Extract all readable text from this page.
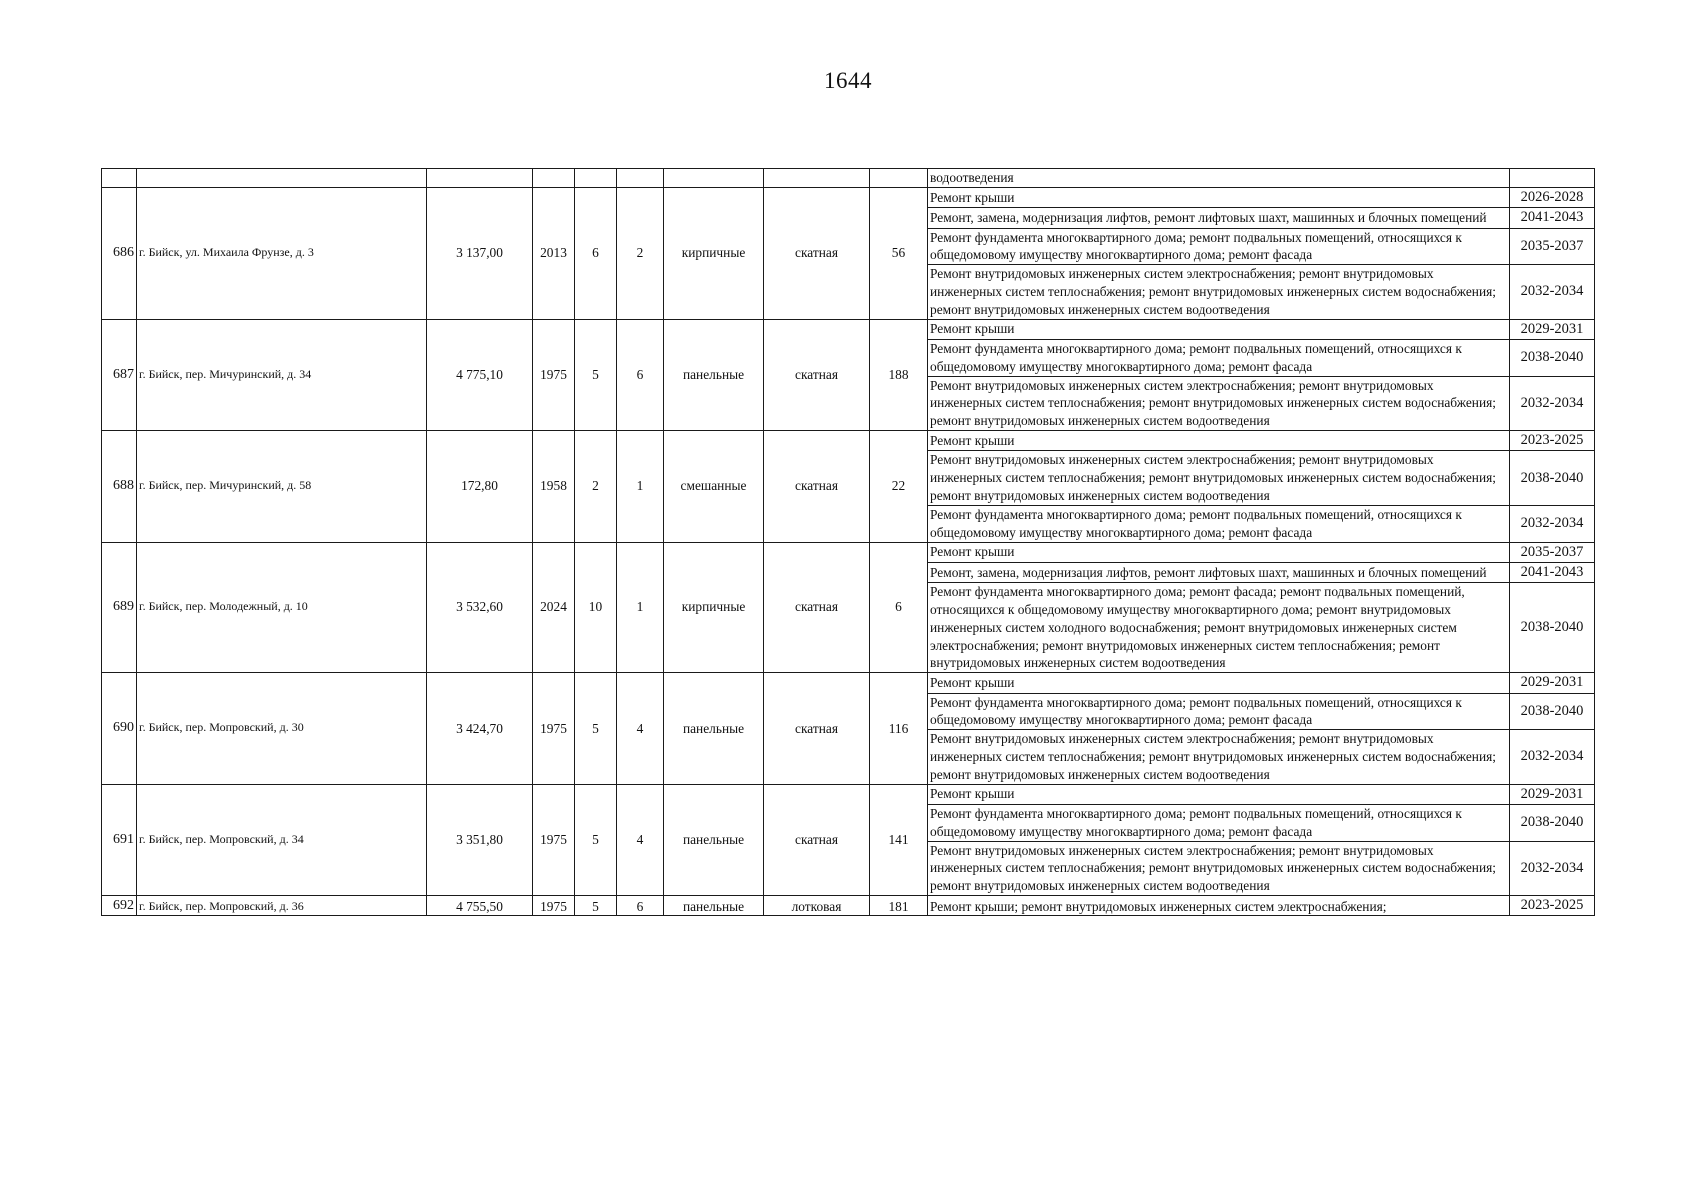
1644
									водоотведения	
686	г. Бийск, ул. Михаила Фрунзе, д. 3	3 137,00	2013	6	2	кирпичные	скатная	56	Ремонт крыши	2026-2028
									Ремонт, замена, модернизация лифтов, ремонт лифтовых шахт, машинных и блочных помещений	2041-2043
									Ремонт фундамента многоквартирного дома; ремонт подвальных помещений, относящихся к общедомовому имуществу многоквартирного дома; ремонт фасада	2035-2037
									Ремонт внутридомовых инженерных систем электроснабжения; ремонт внутридомовых инженерных систем теплоснабжения; ремонт внутридомовых инженерных систем водоснабжения; ремонт внутридомовых инженерных систем водоотведения	2032-2034
687	г. Бийск, пер. Мичуринский, д. 34	4 775,10	1975	5	6	панельные	скатная	188	Ремонт крыши	2029-2031
									Ремонт фундамента многоквартирного дома; ремонт подвальных помещений, относящихся к общедомовому имуществу многоквартирного дома; ремонт фасада	2038-2040
									Ремонт внутридомовых инженерных систем электроснабжения; ремонт внутридомовых инженерных систем теплоснабжения; ремонт внутридомовых инженерных систем водоснабжения; ремонт внутридомовых инженерных систем водоотведения	2032-2034
688	г. Бийск, пер. Мичуринский, д. 58	172,80	1958	2	1	смешанные	скатная	22	Ремонт крыши	2023-2025
									Ремонт внутридомовых инженерных систем электроснабжения; ремонт внутридомовых инженерных систем теплоснабжения; ремонт внутридомовых инженерных систем водоснабжения; ремонт внутридомовых инженерных систем водоотведения	2038-2040
									Ремонт фундамента многоквартирного дома; ремонт подвальных помещений, относящихся к общедомовому имуществу многоквартирного дома; ремонт фасада	2032-2034
689	г. Бийск, пер. Молодежный, д. 10	3 532,60	2024	10	1	кирпичные	скатная	6	Ремонт крыши	2035-2037
									Ремонт, замена, модернизация лифтов, ремонт лифтовых шахт, машинных и блочных помещений	2041-2043
									Ремонт фундамента многоквартирного дома; ремонт фасада; ремонт подвальных помещений, относящихся к общедомовому имуществу многоквартирного дома; ремонт внутридомовых инженерных систем холодного водоснабжения; ремонт внутридомовых инженерных систем электроснабжения; ремонт внутридомовых инженерных систем теплоснабжения; ремонт внутридомовых инженерных систем водоотведения	2038-2040
690	г. Бийск, пер. Мопровский, д. 30	3 424,70	1975	5	4	панельные	скатная	116	Ремонт крыши	2029-2031
									Ремонт фундамента многоквартирного дома; ремонт подвальных помещений, относящихся к общедомовому имуществу многоквартирного дома; ремонт фасада	2038-2040
									Ремонт внутридомовых инженерных систем электроснабжения; ремонт внутридомовых инженерных систем теплоснабжения; ремонт внутридомовых инженерных систем водоснабжения; ремонт внутридомовых инженерных систем водоотведения	2032-2034
691	г. Бийск, пер. Мопровский, д. 34	3 351,80	1975	5	4	панельные	скатная	141	Ремонт крыши	2029-2031
									Ремонт фундамента многоквартирного дома; ремонт подвальных помещений, относящихся к общедомовому имуществу многоквартирного дома; ремонт фасада	2038-2040
									Ремонт внутридомовых инженерных систем электроснабжения; ремонт внутридомовых инженерных систем теплоснабжения; ремонт внутридомовых инженерных систем водоснабжения; ремонт внутридомовых инженерных систем водоотведения	2032-2034
692	г. Бийск, пер. Мопровский, д. 36	4 755,50	1975	5	6	панельные	лотковая	181	Ремонт крыши; ремонт внутридомовых инженерных систем электроснабжения;	2023-2025
